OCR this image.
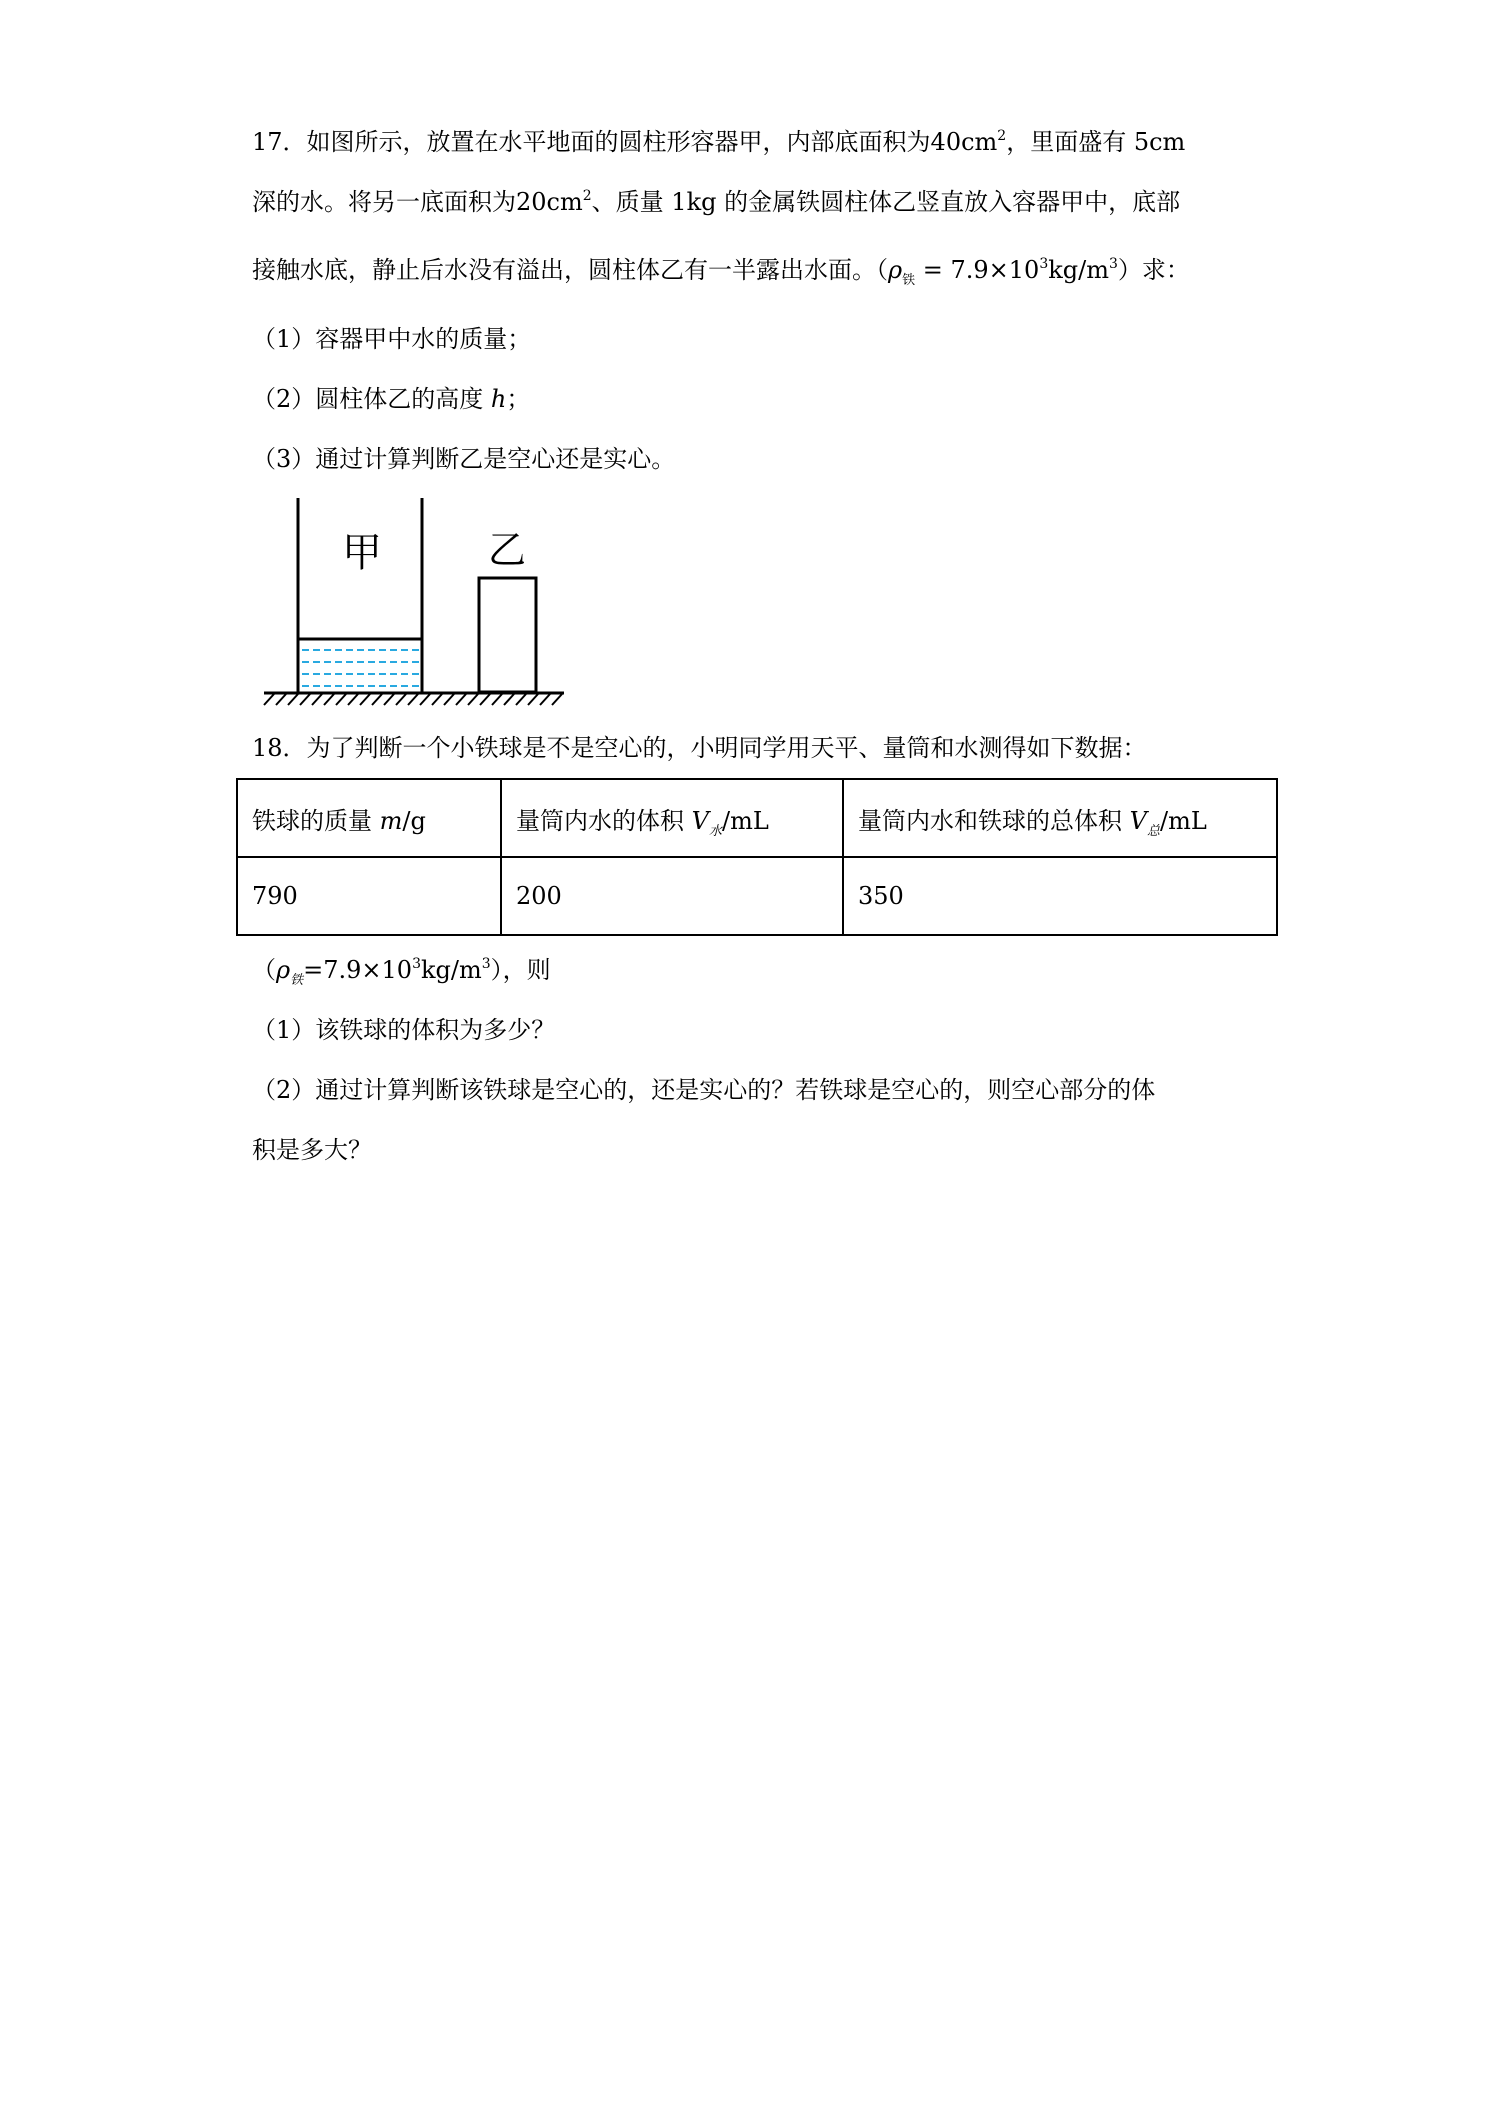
17．如图所示，放置在水平地面的圆柱形容器甲，内部底面积为$40cm^2$，里面盛有 5cm
深的水。将另一底面积为$20cm^2$、质量 1kg 的金属铁圆柱体乙竖直放入容器甲中，底部
接触水底，静止后水没有溢出，圆柱体乙有一半露出水面。$(\rho_铁 = 7.9\times 10^3kg/m^3)$求：
（1）容器甲中水的质量；
（2）圆柱体乙的高度 h；
（3）通过计算判断乙是空心还是实心。
甲	乙
18．为了判断一个小铁球是不是空心的，小明同学用天平、量筒和水测得如下数据：
铁球的质量 m/g	量筒内水的体积 $V_水/mL$	量筒内水和铁球的总体积 $V_总/mL$
790	200	350
$(\rho_铁=7.9\times 10^3kg/m^3)$，则
（1）该铁球的体积为多少？
（2）通过计算判断该铁球是空心的，还是实心的？若铁球是空心的，则空心部分的体
积是多大？
